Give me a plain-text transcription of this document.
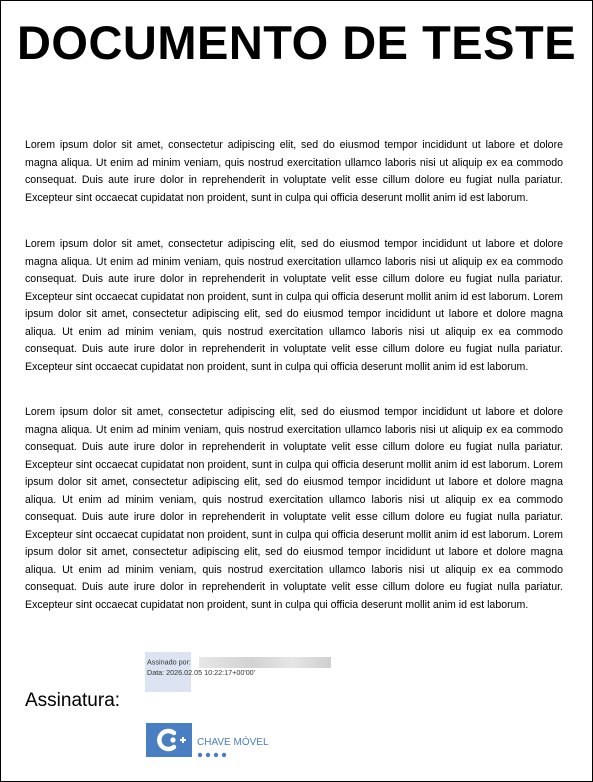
DOCUMENTO DE TESTE

Lorem ipsum dolor sit amet, consectetur adipiscing elit, sed do eiusmod tempor incididunt ut labore et dolore magna aliqua. Ut enim ad minim veniam, quis nostrud exercitation ullamco laboris nisi ut aliquip ex ea commodo consequat. Duis aute irure dolor in reprehenderit in voluptate velit esse cillum dolore eu fugiat nulla pariatur. Excepteur sint occaecat cupidatat non proident, sunt in culpa qui officia deserunt mollit anim id est laborum.

Lorem ipsum dolor sit amet, consectetur adipiscing elit, sed do eiusmod tempor incididunt ut labore et dolore magna aliqua. Ut enim ad minim veniam, quis nostrud exercitation ullamco laboris nisi ut aliquip ex ea commodo consequat. Duis aute irure dolor in reprehenderit in voluptate velit esse cillum dolore eu fugiat nulla pariatur. Excepteur sint occaecat cupidatat non proident, sunt in culpa qui officia deserunt mollit anim id est laborum. Lorem ipsum dolor sit amet, consectetur adipiscing elit, sed do eiusmod tempor incididunt ut labore et dolore magna aliqua. Ut enim ad minim veniam, quis nostrud exercitation ullamco laboris nisi ut aliquip ex ea commodo consequat. Duis aute irure dolor in reprehenderit in voluptate velit esse cillum dolore eu fugiat nulla pariatur. Excepteur sint occaecat cupidatat non proident, sunt in culpa qui officia deserunt mollit anim id est laborum.

Lorem ipsum dolor sit amet, consectetur adipiscing elit, sed do eiusmod tempor incididunt ut labore et dolore magna aliqua. Ut enim ad minim veniam, quis nostrud exercitation ullamco laboris nisi ut aliquip ex ea commodo consequat. Duis aute irure dolor in reprehenderit in voluptate velit esse cillum dolore eu fugiat nulla pariatur. Excepteur sint occaecat cupidatat non proident, sunt in culpa qui officia deserunt mollit anim id est laborum. Lorem ipsum dolor sit amet, consectetur adipiscing elit, sed do eiusmod tempor incididunt ut labore et dolore magna aliqua. Ut enim ad minim veniam, quis nostrud exercitation ullamco laboris nisi ut aliquip ex ea commodo consequat. Duis aute irure dolor in reprehenderit in voluptate velit esse cillum dolore eu fugiat nulla pariatur. Excepteur sint occaecat cupidatat non proident, sunt in culpa qui officia deserunt mollit anim id est laborum. Lorem ipsum dolor sit amet, consectetur adipiscing elit, sed do eiusmod tempor incididunt ut labore et dolore magna aliqua. Ut enim ad minim veniam, quis nostrud exercitation ullamco laboris nisi ut aliquip ex ea commodo consequat. Duis aute irure dolor in reprehenderit in voluptate velit esse cillum dolore eu fugiat nulla pariatur. Excepteur sint occaecat cupidatat non proident, sunt in culpa qui officia deserunt mollit anim id est laborum.

Assinado por:
Data: 2026.02.05 10:22:17+00'00'
Assinatura:
CHAVE MÓVEL
